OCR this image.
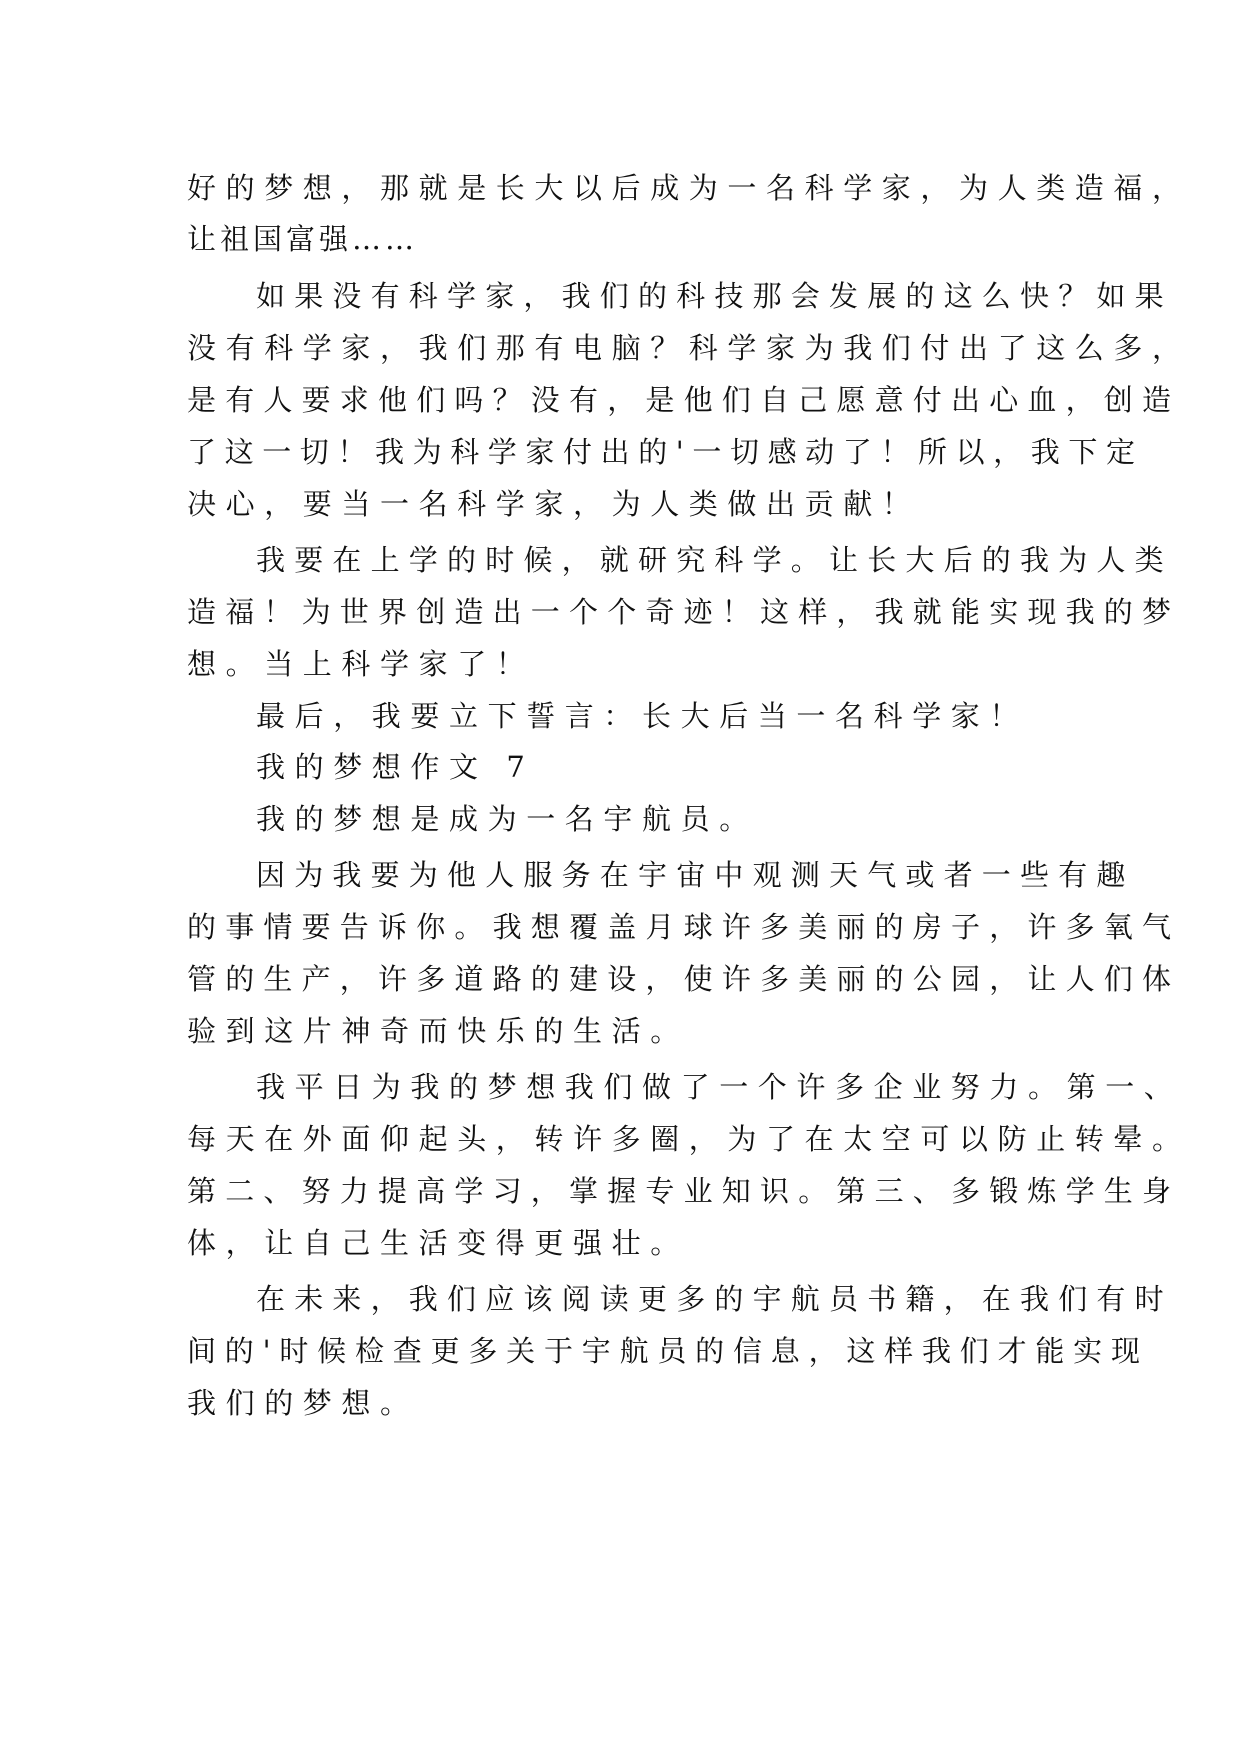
好的梦想，那就是长大以后成为一名科学家，为人类造福，
让祖国富强……
如果没有科学家，我们的科技那会发展的这么快？如果
没有科学家，我们那有电脑？科学家为我们付出了这么多，
是有人要求他们吗？没有，是他们自己愿意付出心血，创造
了这一切！我为科学家付出的'一切感动了！所以，我下定
决心，要当一名科学家，为人类做出贡献！
我要在上学的时候，就研究科学。让长大后的我为人类
造福！为世界创造出一个个奇迹！这样，我就能实现我的梦
想。当上科学家了！
最后，我要立下誓言：长大后当一名科学家！
我的梦想作文 7
我的梦想是成为一名宇航员。
因为我要为他人服务在宇宙中观测天气或者一些有趣
的事情要告诉你。我想覆盖月球许多美丽的房子，许多氧气
管的生产，许多道路的建设，使许多美丽的公园，让人们体
验到这片神奇而快乐的生活。
我平日为我的梦想我们做了一个许多企业努力。第一、
每天在外面仰起头，转许多圈，为了在太空可以防止转晕。
第二、努力提高学习，掌握专业知识。第三、多锻炼学生身
体，让自己生活变得更强壮。
在未来，我们应该阅读更多的宇航员书籍，在我们有时
间的'时候检查更多关于宇航员的信息，这样我们才能实现
我们的梦想。
